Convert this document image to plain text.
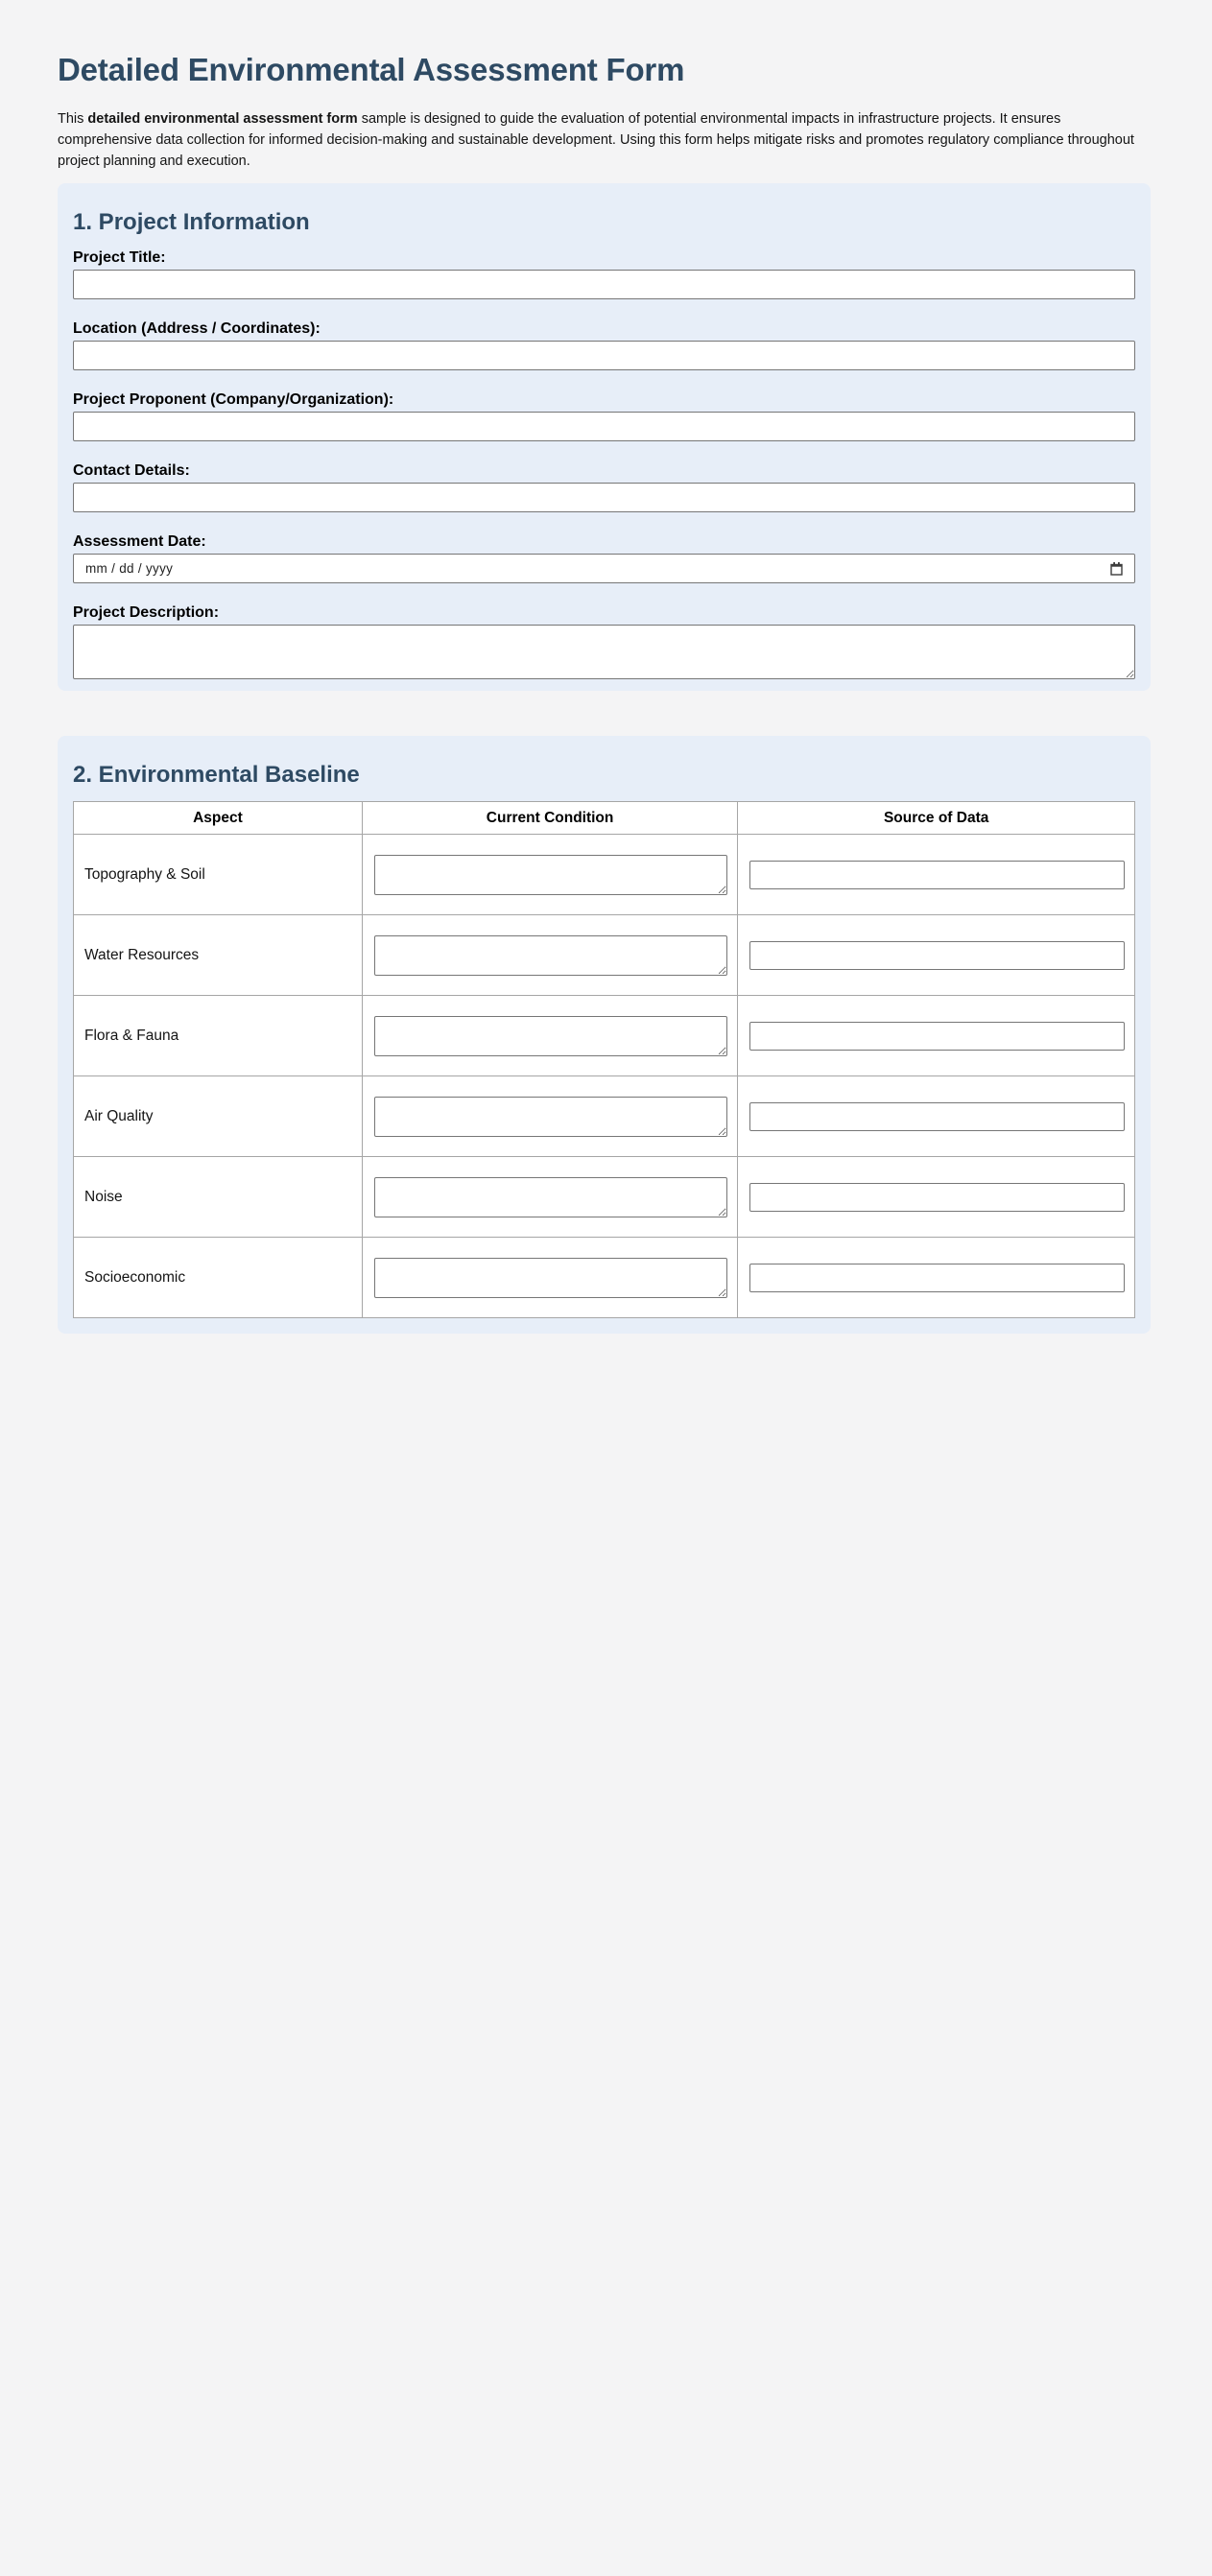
Detailed Environmental Assessment Form

This detailed environmental assessment form sample is designed to guide the evaluation of potential environmental impacts in infrastructure projects. It ensures comprehensive data collection for informed decision-making and sustainable development. Using this form helps mitigate risks and promotes regulatory compliance throughout project planning and execution.

1. Project Information
Project Title:
Location (Address / Coordinates):
Project Proponent (Company/Organization):
Contact Details:
Assessment Date:
mm / dd / yyyy
Project Description:
2. Environmental Baseline
Aspect	Current Condition	Source of Data
Topography & Soil	

Water Resources	

Flora & Fauna	

Air Quality	

Noise	

Socioeconomic	
